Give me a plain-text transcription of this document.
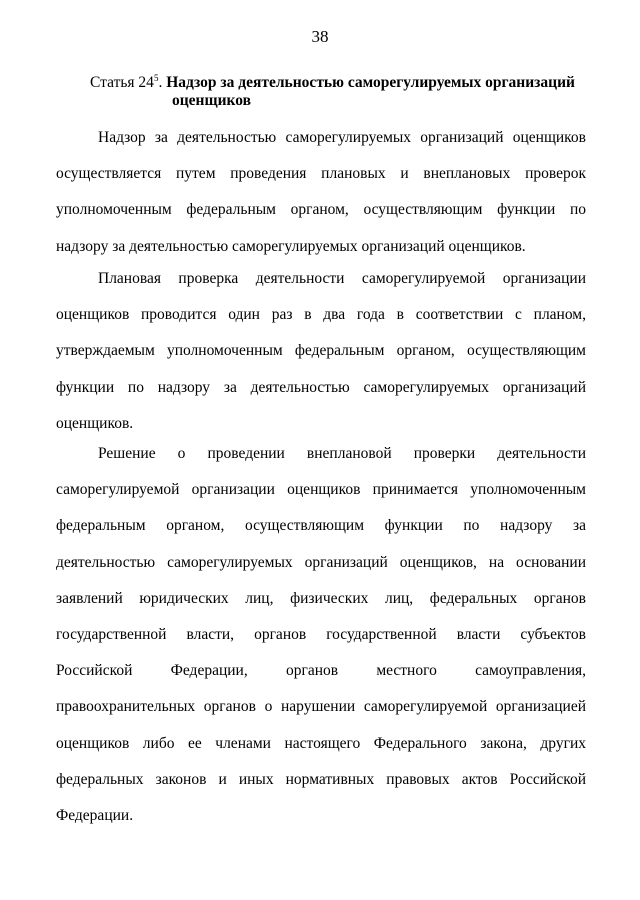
38
Статья $24^5$. Надзор за деятельностью саморегулируемых организаций
оценщиков
Надзор за деятельностью саморегулируемых организаций оценщиков
осуществляется путем проведения плановых и внеплановых проверок
уполномоченным федеральным органом, осуществляющим функции по
надзору за деятельностью саморегулируемых организаций оценщиков.
Плановая проверка деятельности саморегулируемой организации
оценщиков проводится один раз в два года в соответствии с планом,
утверждаемым уполномоченным федеральным органом, осуществляющим
функции по надзору за деятельностью саморегулируемых организаций
оценщиков.
Решение о проведении внеплановой проверки деятельности
саморегулируемой организации оценщиков принимается уполномоченным
федеральным органом, осуществляющим функции по надзору за
деятельностью саморегулируемых организаций оценщиков, на основании
заявлений юридических лиц, физических лиц, федеральных органов
государственной власти, органов государственной власти субъектов
Российской Федерации, органов местного самоуправления,
правоохранительных органов о нарушении саморегулируемой организацией
оценщиков либо ее членами настоящего Федерального закона, других
федеральных законов и иных нормативных правовых актов Российской
Федерации.
